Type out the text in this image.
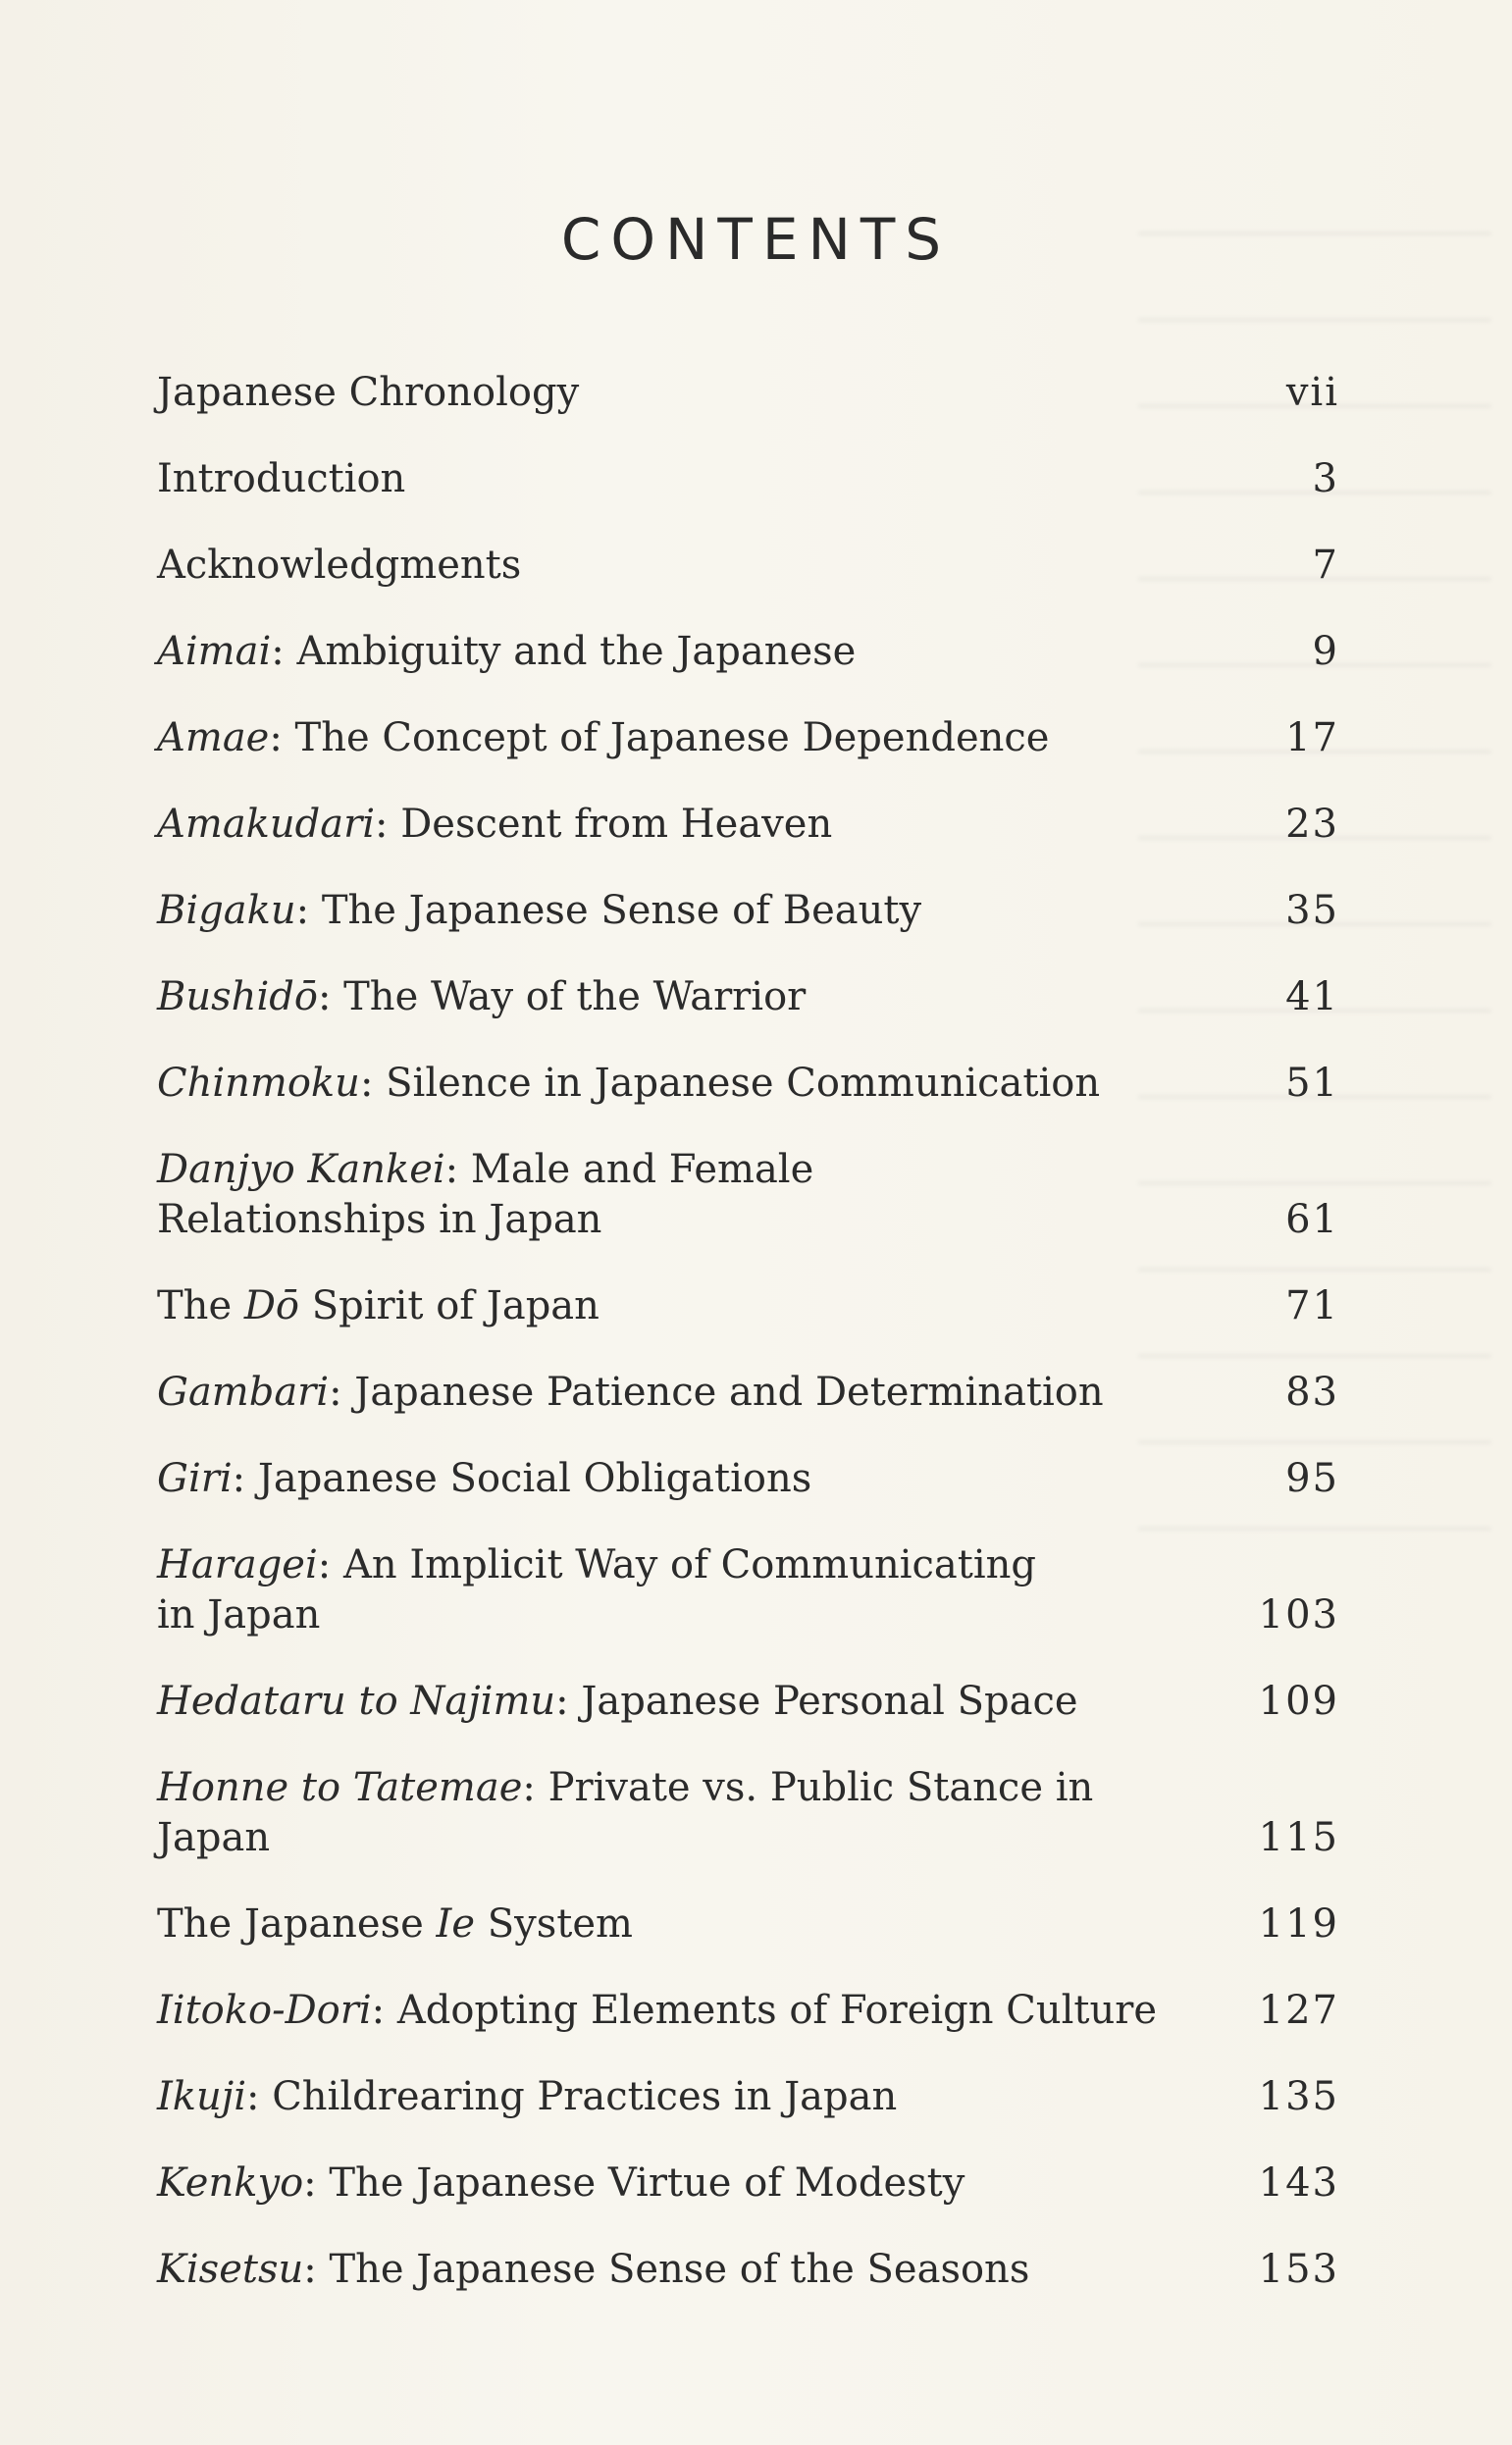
CONTENTS
Japanese Chronology	vii
Introduction	3
Acknowledgments	7
Aimai: Ambiguity and the Japanese	9
Amae: The Concept of Japanese Dependence	17
Amakudari: Descent from Heaven	23
Bigaku: The Japanese Sense of Beauty	35
Bushidō: The Way of the Warrior	41
Chinmoku: Silence in Japanese Communication	51
Danjyo Kankei: Male and Female Relationships in Japan	61
The Dō Spirit of Japan	71
Gambari: Japanese Patience and Determination	83
Giri: Japanese Social Obligations	95
Haragei: An Implicit Way of Communicating in Japan	103
Hedataru to Najimu: Japanese Personal Space	109
Honne to Tatemae: Private vs. Public Stance in Japan	115
The Japanese Ie System	119
Iitoko-Dori: Adopting Elements of Foreign Culture	127
Ikuji: Childrearing Practices in Japan	135
Kenkyo: The Japanese Virtue of Modesty	143
Kisetsu: The Japanese Sense of the Seasons	153
